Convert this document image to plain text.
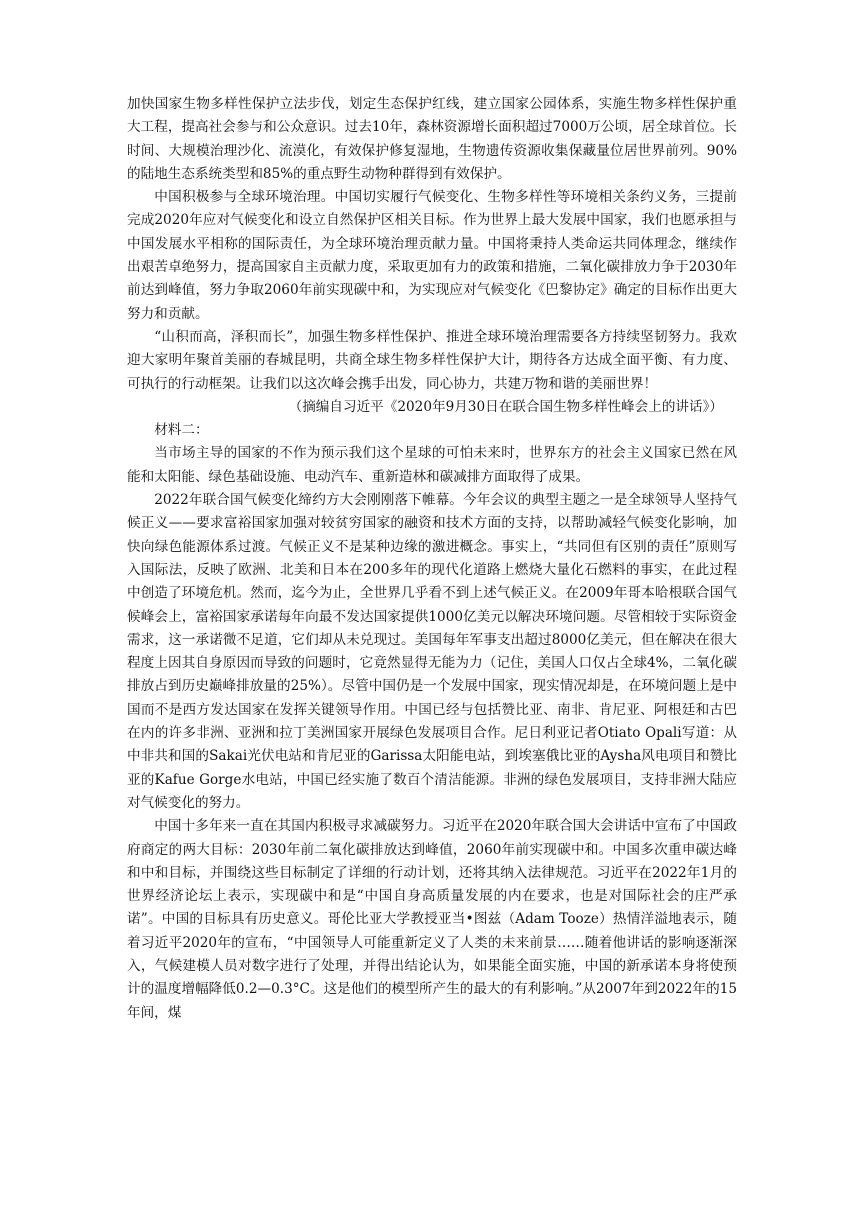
加快国家生物多样性保护立法步伐，划定生态保护红线，建立国家公园体系，实施生物多样性保护重大工程，提高社会参与和公众意识。过去10年，森林资源增长面积超过7000万公顷，居全球首位。长时间、大规模治理沙化、流漠化，有效保护修复湿地，生物遗传资源收集保藏量位居世界前列。90%的陆地生态系统类型和85%的重点野生动物种群得到有效保护。

中国积极参与全球环境治理。中国切实履行气候变化、生物多样性等环境相关条约义务，三提前完成2020年应对气候变化和设立自然保护区相关目标。作为世界上最大发展中国家，我们也愿承担与中国发展水平相称的国际责任，为全球环境治理贡献力量。中国将秉持人类命运共同体理念，继续作出艰苦卓绝努力，提高国家自主贡献力度，采取更加有力的政策和措施，二氧化碳排放力争于2030年前达到峰值，努力争取2060年前实现碳中和，为实现应对气候变化《巴黎协定》确定的目标作出更大努力和贡献。

“山积而高，泽积而长”，加强生物多样性保护、推进全球环境治理需要各方持续坚韧努力。我欢迎大家明年聚首美丽的春城昆明，共商全球生物多样性保护大计，期待各方达成全面平衡、有力度、可执行的行动框架。让我们以这次峰会携手出发，同心协力，共建万物和谐的美丽世界！

（摘编自习近平《2020年9月30日在联合国生物多样性峰会上的讲话》）

材料二：

当市场主导的国家的不作为预示我们这个星球的可怕未来时，世界东方的社会主义国家已然在风能和太阳能、绿色基础设施、电动汽车、重新造林和碳减排方面取得了成果。

2022年联合国气候变化缔约方大会刚刚落下帷幕。今年会议的典型主题之一是全球领导人坚持气候正义——要求富裕国家加强对较贫穷国家的融资和技术方面的支持，以帮助减轻气候变化影响，加快向绿色能源体系过渡。气候正义不是某种边缘的激进概念。事实上，“共同但有区别的责任”原则写入国际法，反映了欧洲、北美和日本在200多年的现代化道路上燃烧大量化石燃料的事实，在此过程中创造了环境危机。然而，迄今为止，全世界几乎看不到上述气候正义。在2009年哥本哈根联合国气候峰会上，富裕国家承诺每年向最不发达国家提供1000亿美元以解决环境问题。尽管相较于实际资金需求，这一承诺微不足道，它们却从未兑现过。美国每年军事支出超过8000亿美元，但在解决在很大程度上因其自身原因而导致的问题时，它竟然显得无能为力（记住，美国人口仅占全球4%，二氧化碳排放占到历史巅峰排放量的25%）。尽管中国仍是一个发展中国家，现实情况却是，在环境问题上是中国而不是西方发达国家在发挥关键领导作用。中国已经与包括赞比亚、南非、肯尼亚、阿根廷和古巴在内的许多非洲、亚洲和拉丁美洲国家开展绿色发展项目合作。尼日利亚记者Otiato Opali写道：从中非共和国的Sakai光伏电站和肯尼亚的Garissa太阳能电站，到埃塞俄比亚的Aysha风电项目和赞比亚的Kafue Gorge水电站，中国已经实施了数百个清洁能源。非洲的绿色发展项目，支持非洲大陆应对气候变化的努力。

中国十多年来一直在其国内积极寻求减碳努力。习近平在2020年联合国大会讲话中宣布了中国政府商定的两大目标：2030年前二氧化碳排放达到峰值，2060年前实现碳中和。中国多次重申碳达峰和中和目标，并围绕这些目标制定了详细的行动计划，还将其纳入法律规范。习近平在2022年1月的世界经济论坛上表示，实现碳中和是“中国自身高质量发展的内在要求，也是对国际社会的庄严承诺”。中国的目标具有历史意义。哥伦比亚大学教授亚当•图兹（Adam Tooze）热情洋溢地表示，随着习近平2020年的宣布，“中国领导人可能重新定义了人类的未来前景……随着他讲话的影响逐渐深入，气候建模人员对数字进行了处理，并得出结论认为，如果能全面实施，中国的新承诺本身将使预计的温度增幅降低0.2—0.3°C。这是他们的模型所产生的最大的有利影响。”从2007年到2022年的15年间，煤
